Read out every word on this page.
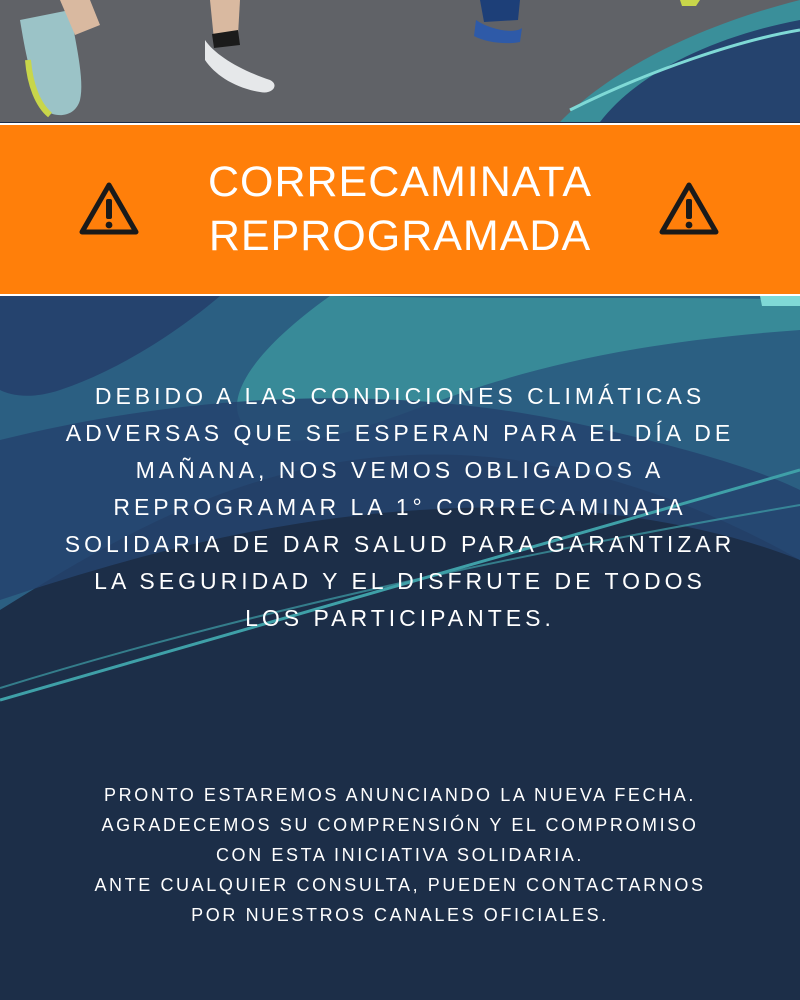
CORRECAMINATA
REPROGRAMADA
DEBIDO A LAS CONDICIONES CLIMÁTICAS
ADVERSAS QUE SE ESPERAN PARA EL DÍA DE
MAÑANA, NOS VEMOS OBLIGADOS A
REPROGRAMAR LA 1° CORRECAMINATA
SOLIDARIA DE DAR SALUD PARA GARANTIZAR
LA SEGURIDAD Y EL DISFRUTE DE TODOS
LOS PARTICIPANTES.
PRONTO ESTAREMOS ANUNCIANDO LA NUEVA FECHA.
AGRADECEMOS SU COMPRENSIÓN Y EL COMPROMISO
CON ESTA INICIATIVA SOLIDARIA.
ANTE CUALQUIER CONSULTA, PUEDEN CONTACTARNOS
POR NUESTROS CANALES OFICIALES.
